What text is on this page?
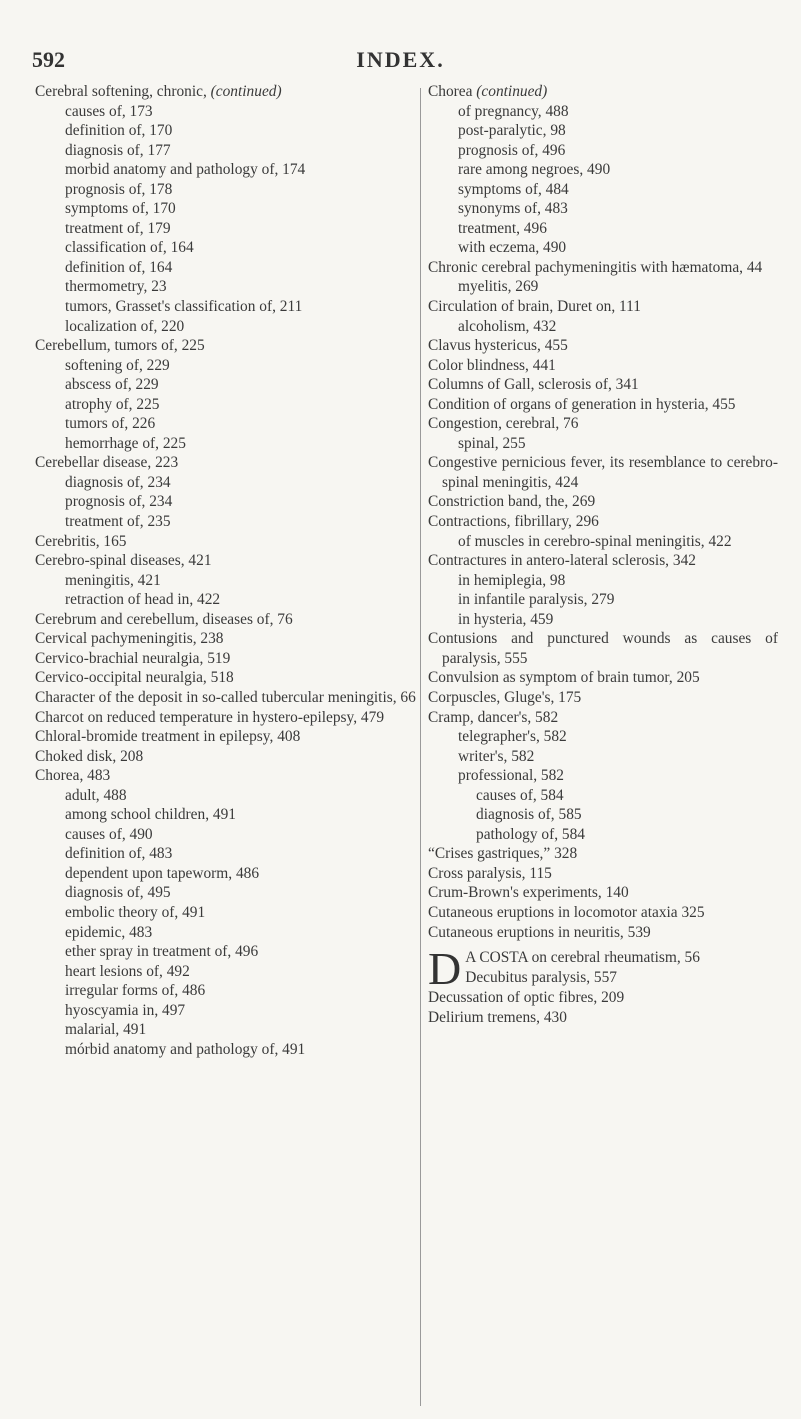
592	INDEX.
Cerebral softening, chronic, (continued)
causes of, 173
definition of, 170
diagnosis of, 177
morbid anatomy and pathology of, 174
prognosis of, 178
symptoms of, 170
treatment of, 179
classification of, 164
definition of, 164
thermometry, 23
tumors, Grasset's classification of, 211
localization of, 220
Cerebellum, tumors of, 225
softening of, 229
abscess of, 229
atrophy of, 225
tumors of, 226
hemorrhage of, 225
Cerebellar disease, 223
diagnosis of, 234
prognosis of, 234
treatment of, 235
Cerebritis, 165
Cerebro-spinal diseases, 421
meningitis, 421
retraction of head in, 422
Cerebrum and cerebellum, diseases of, 76
Cervical pachymeningitis, 238
Cervico-brachial neuralgia, 519
Cervico-occipital neuralgia, 518
Character of the deposit in so-called tubercular meningitis, 66
Charcot on reduced temperature in hystero-epilepsy, 479
Chloral-bromide treatment in epilepsy, 408
Choked disk, 208
Chorea, 483
adult, 488
among school children, 491
causes of, 490
definition of, 483
dependent upon tapeworm, 486
diagnosis of, 495
embolic theory of, 491
epidemic, 483
ether spray in treatment of, 496
heart lesions of, 492
irregular forms of, 486
hyoscyamia in, 497
malarial, 491
mórbid anatomy and pathology of, 491
Chorea (continued)
of pregnancy, 488
post-paralytic, 98
prognosis of, 496
rare among negroes, 490
symptoms of, 484
synonyms of, 483
treatment, 496
with eczema, 490
Chronic cerebral pachymeningitis with hæmatoma, 44
myelitis, 269
Circulation of brain, Duret on, 111
alcoholism, 432
Clavus hystericus, 455
Color blindness, 441
Columns of Gall, sclerosis of, 341
Condition of organs of generation in hysteria, 455
Congestion, cerebral, 76
spinal, 255
Congestive pernicious fever, its resemblance to cerebro-spinal meningitis, 424
Constriction band, the, 269
Contractions, fibrillary, 296
of muscles in cerebro-spinal meningitis, 422
Contractures in antero-lateral sclerosis, 342
in hemiplegia, 98
in infantile paralysis, 279
in hysteria, 459
Contusions and punctured wounds as causes of paralysis, 555
Convulsion as symptom of brain tumor, 205
Corpuscles, Gluge's, 175
Cramp, dancer's, 582
telegrapher's, 582
writer's, 582
professional, 582
causes of, 584
diagnosis of, 585
pathology of, 584
“Crises gastriques,” 328
Cross paralysis, 115
Crum-Brown's experiments, 140
Cutaneous eruptions in locomotor ataxia 325
Cutaneous eruptions in neuritis, 539
D A COSTA on cerebral rheumatism, 56
Decubitus paralysis, 557
Decussation of optic fibres, 209
Delirium tremens, 430
